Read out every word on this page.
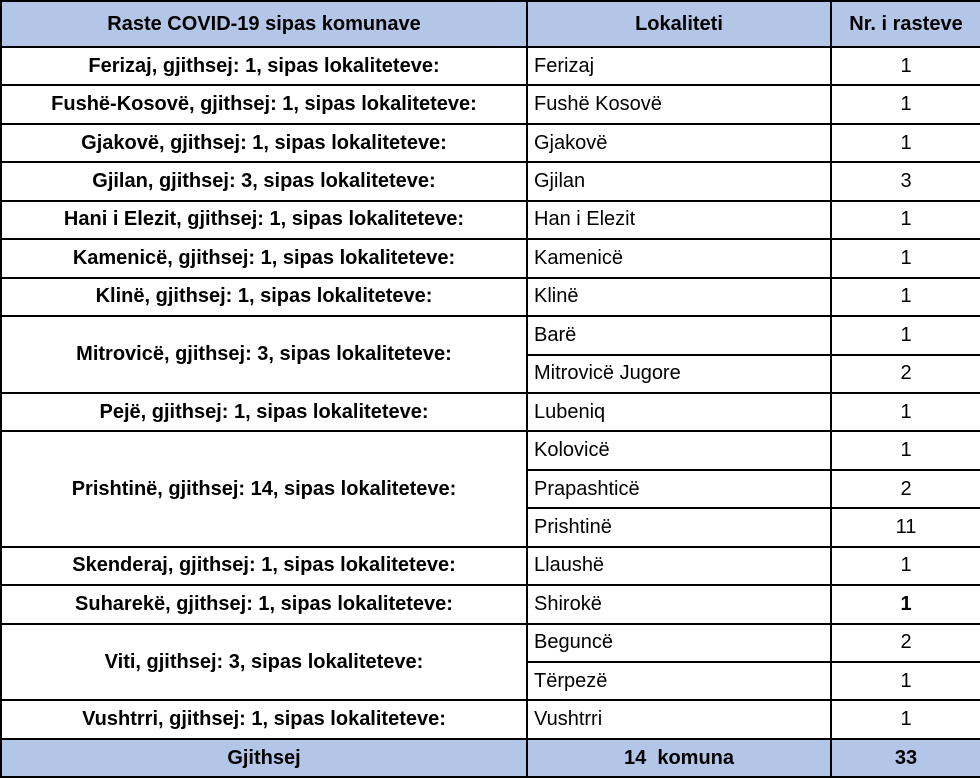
Raste COVID-19 sipas komunave	Lokaliteti	Nr. i rasteve
Ferizaj, gjithsej: 1, sipas lokaliteteve:	Ferizaj	1
Fushë-Kosovë, gjithsej: 1, sipas lokaliteteve:	Fushë Kosovë	1
Gjakovë, gjithsej: 1, sipas lokaliteteve:	Gjakovë	1
Gjilan, gjithsej: 3, sipas lokaliteteve:	Gjilan	3
Hani i Elezit, gjithsej: 1, sipas lokaliteteve:	Han i Elezit	1
Kamenicë, gjithsej: 1, sipas lokaliteteve:	Kamenicë	1
Klinë, gjithsej: 1, sipas lokaliteteve:	Klinë	1
Mitrovicë, gjithsej: 3, sipas lokaliteteve:	Barë	1
	Mitrovicë Jugore	2
Pejë, gjithsej: 1, sipas lokaliteteve:	Lubeniq	1
Prishtinë, gjithsej: 14, sipas lokaliteteve:	Kolovicë	1
	Prapashticë	2
	Prishtinë	11
Skenderaj, gjithsej: 1, sipas lokaliteteve:	Llaushë	1
Suharekë, gjithsej: 1, sipas lokaliteteve:	Shirokë	1
Viti, gjithsej: 3, sipas lokaliteteve:	Beguncë	2
	Tërpezë	1
Vushtrri, gjithsej: 1, sipas lokaliteteve:	Vushtrri	1
Gjithsej	14  komuna	33
